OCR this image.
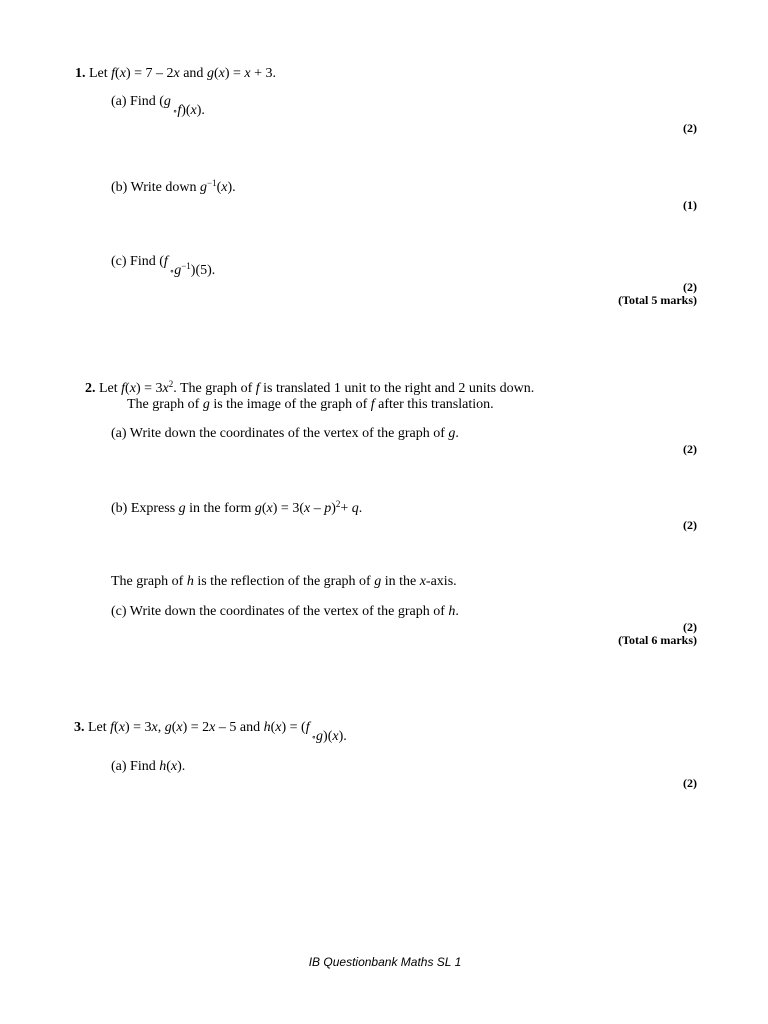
1. Let f(x) = 7 – 2x and g(x) = x + 3.
(a) Find (g∘f)(x).
(2)
(b) Write down $g^{-1}(x)$.
(1)
(c) Find $(f\circ g^{-1})(5)$.
(2)
(Total 5 marks)
2. Let $f(x) = 3x^2$. The graph of f is translated 1 unit to the right and 2 units down.
The graph of g is the image of the graph of f after this translation.
(a) Write down the coordinates of the vertex of the graph of g.
(2)
(b) Express g in the form g(x) = 3(x – p)$^2$+ q.
(2)
The graph of h is the reflection of the graph of g in the x-axis.
(c) Write down the coordinates of the vertex of the graph of h.
(2)
(Total 6 marks)
3. Let f(x) = 3x, g(x) = 2x – 5 and h(x) = (f∘g)(x).
(a) Find h(x).
(2)
IB Questionbank Maths SL 1
